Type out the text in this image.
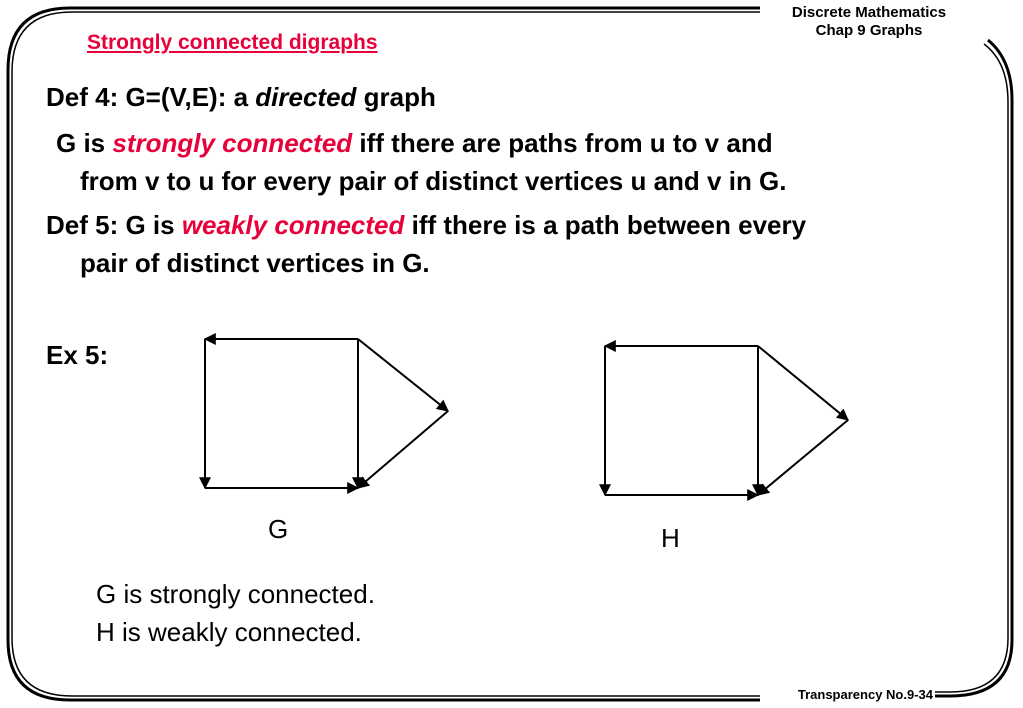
Discrete Mathematics
Chap 9 Graphs
Strongly connected digraphs
Def 4: G=(V,E): a directed graph
G is strongly connected iff there are paths from u to v and
from v to u for every pair of distinct vertices u and v in G.
Def 5: G is weakly connected iff there is a path between every
pair of distinct vertices in G.
Ex 5:
G	H
G is strongly connected.
H is weakly connected.
Transparency No.9-34
